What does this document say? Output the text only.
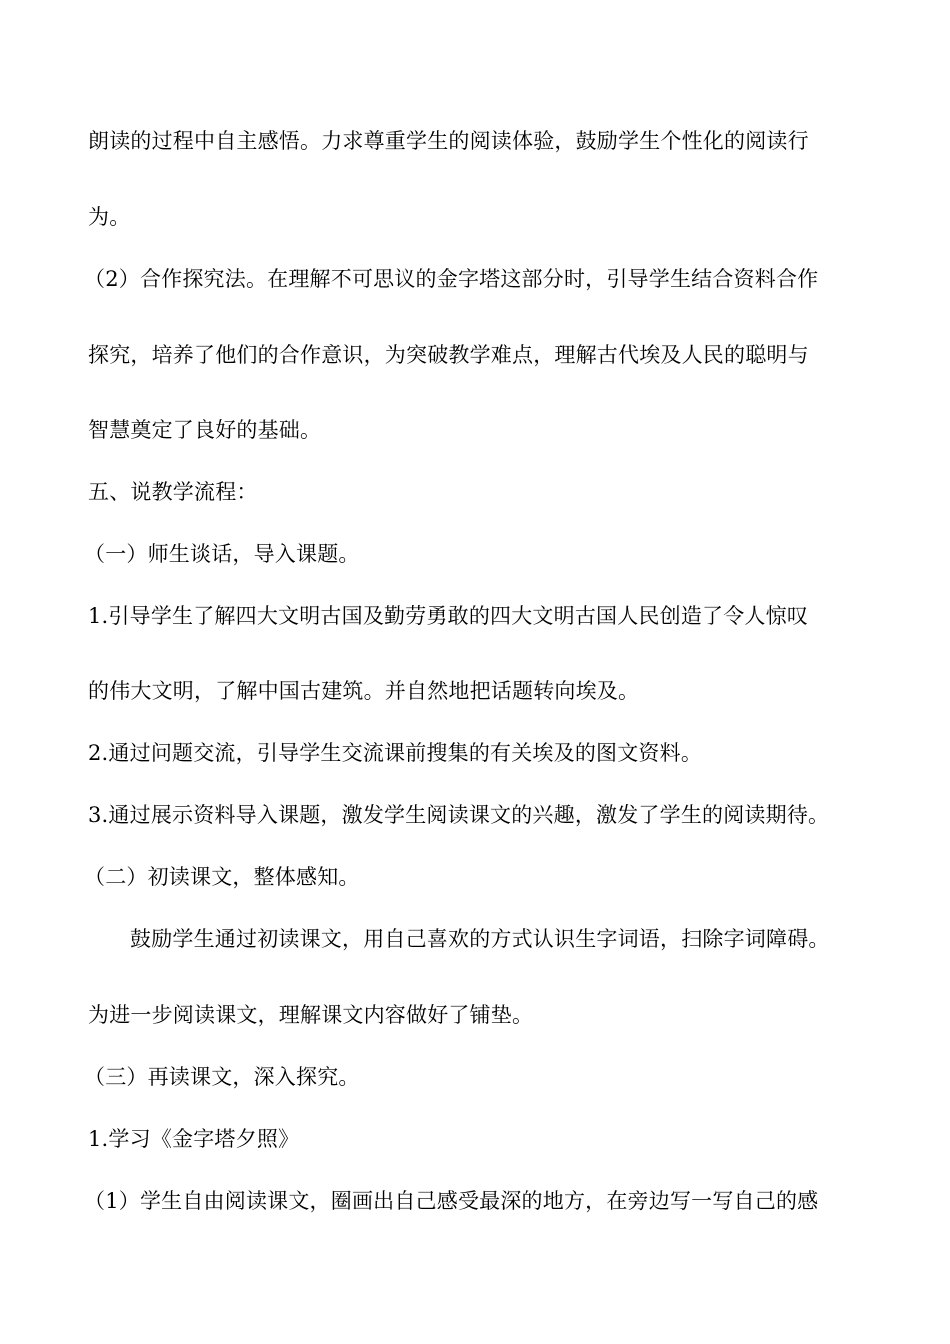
朗读的过程中自主感悟。力求尊重学生的阅读体验，鼓励学生个性化的阅读行
为。
（2）合作探究法。在理解不可思议的金字塔这部分时，引导学生结合资料合作
探究，培养了他们的合作意识，为突破教学难点，理解古代埃及人民的聪明与
智慧奠定了良好的基础。
五、说教学流程：
（一）师生谈话，导入课题。
1.引导学生了解四大文明古国及勤劳勇敢的四大文明古国人民创造了令人惊叹
的伟大文明，了解中国古建筑。并自然地把话题转向埃及。
2.通过问题交流，引导学生交流课前搜集的有关埃及的图文资料。
3.通过展示资料导入课题，激发学生阅读课文的兴趣，激发了学生的阅读期待。
（二）初读课文，整体感知。
鼓励学生通过初读课文，用自己喜欢的方式认识生字词语，扫除字词障碍。
为进一步阅读课文，理解课文内容做好了铺垫。
（三）再读课文，深入探究。
1.学习《金字塔夕照》
（1）学生自由阅读课文，圈画出自己感受最深的地方，在旁边写一写自己的感
